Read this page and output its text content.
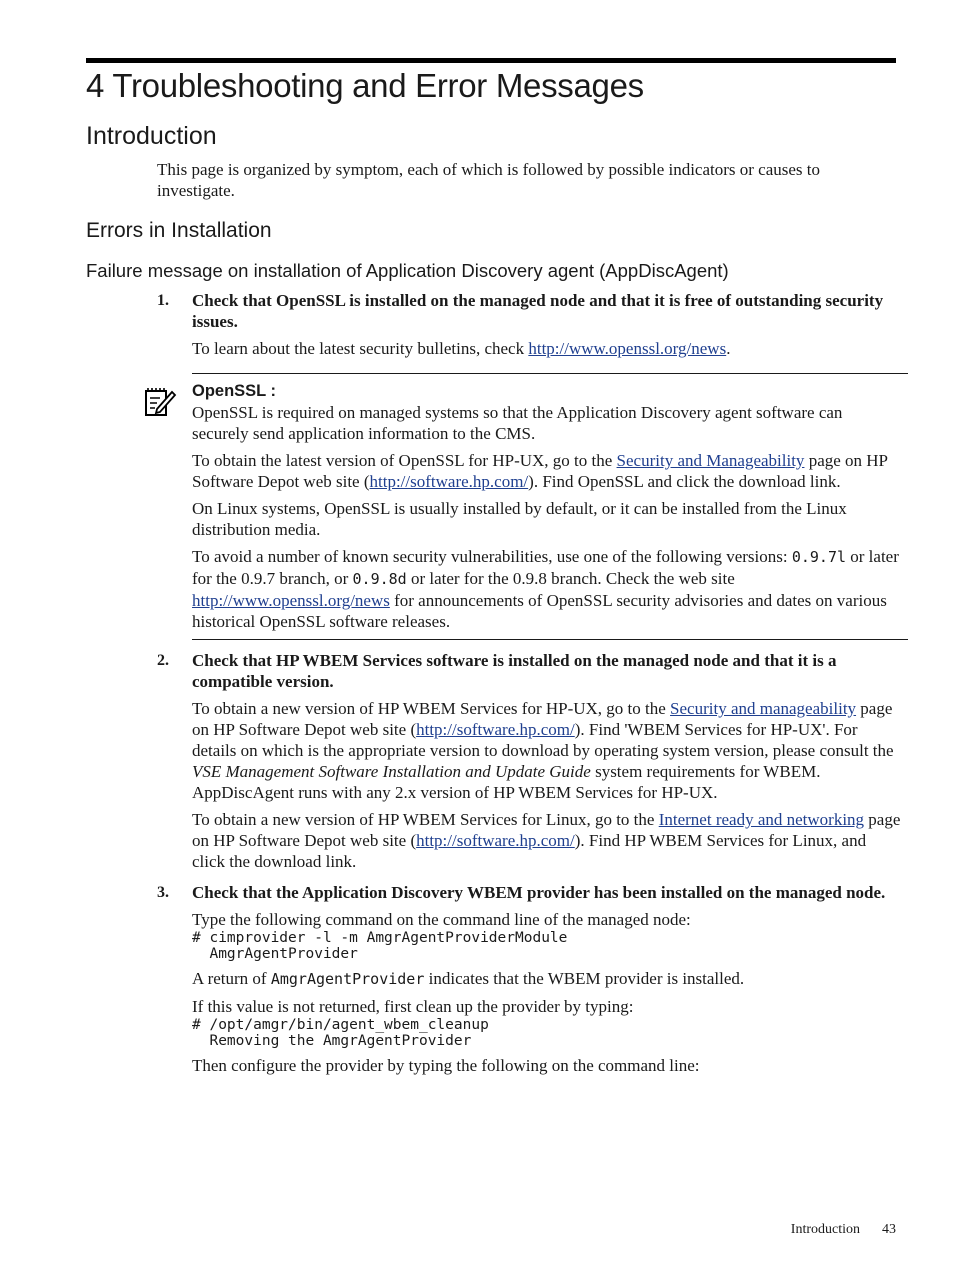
4 Troubleshooting and Error Messages
Introduction

This page is organized by symptom, each of which is followed by possible indicators or causes to investigate.

Errors in Installation
Failure message on installation of Application Discovery agent (AppDiscAgent)
1. Check that OpenSSL is installed on the managed node and that it is free of outstanding security issues.

To learn about the latest security bulletins, check http://www.openssl.org/news.

OpenSSL :

OpenSSL is required on managed systems so that the Application Discovery agent software can securely send application information to the CMS.

To obtain the latest version of OpenSSL for HP-UX, go to the Security and Manageability page on HP Software Depot web site (http://software.hp.com/). Find OpenSSL and click the download link.

On Linux systems, OpenSSL is usually installed by default, or it can be installed from the Linux distribution media.

To avoid a number of known security vulnerabilities, use one of the following versions: 0.9.7l or later for the 0.9.7 branch, or 0.9.8d or later for the 0.9.8 branch. Check the web site http://www.openssl.org/news for announcements of OpenSSL security advisories and dates on various historical OpenSSL software releases.

2. Check that HP WBEM Services software is installed on the managed node and that it is a compatible version.

To obtain a new version of HP WBEM Services for HP-UX, go to the Security and manageability page on HP Software Depot web site (http://software.hp.com/). Find 'WBEM Services for HP-UX'. For details on which is the appropriate version to download by operating system version, please consult the VSE Management Software Installation and Update Guide system requirements for WBEM. AppDiscAgent runs with any 2.x version of HP WBEM Services for HP-UX.

To obtain a new version of HP WBEM Services for Linux, go to the Internet ready and networking page on HP Software Depot web site (http://software.hp.com/). Find HP WBEM Services for Linux, and click the download link.

3. Check that the Application Discovery WBEM provider has been installed on the managed node.

Type the following command on the command line of the managed node:

# cimprovider -l -m AmgrAgentProviderModule
AmgrAgentProvider

A return of AmgrAgentProvider indicates that the WBEM provider is installed.

If this value is not returned, first clean up the provider by typing:

# /opt/amgr/bin/agent_wbem_cleanup
Removing the AmgrAgentProvider

Then configure the provider by typing the following on the command line:

Introduction 43
